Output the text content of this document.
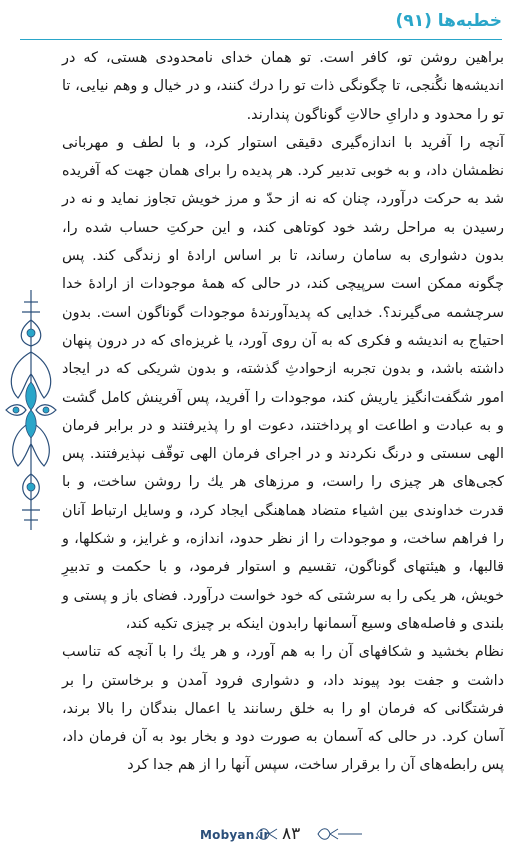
خطبه‌ها (۹۱)

براهین روشن تو، کافر است. تو همان خدای نامحدودی هستی، که در اندیشه‌ها نگُنجی، تا چگونگی ذات تو را درك کنند، و در خیال و وهم نیایی، تا تو را محدود و دارایِ حالاتِ گوناگون پندارند.

آنچه را آفرید با اندازه‌گیری دقیقی استوار کرد، و با لطف و مهربانی نظمشان داد، و به خوبی تدبیر کرد. هر پدیده را برای همان جهت که آفریده شد به حرکت درآورد، چنان که نه از حدّ و مرز خویش تجاوز نماید و نه در رسیدن به مراحل رشد خود کوتاهی کند، و این حرکتِ حساب شده را، بدون دشواری به سامان رساند، تا بر اساس ارادهٔ او زندگی کند. پس چگونه ممکن است سرپیچی کند، در حالی که همهٔ موجودات از ارادهٔ خدا سرچشمه می‌گیرند؟. خدایی که پدیدآورندهٔ موجودات گوناگون است. بدون احتیاج به اندیشه و فکری که به آن روی آورد، یا غریزه‌ای که در درون پنهان داشته باشد، و بدون تجربه ازحوادثِ گذشته، و بدون شریکی که در ایجاد امور شگفت‌انگیز یاریش کند، موجودات را آفرید، پس آفرینش کامل گشت و به عبادت و اطاعت او پرداختند، دعوت او را پذیرفتند و در برابر فرمان الهی سستی و درنگ نکردند و در اجرای فرمان الهی توقّف نپذیرفتند. پس کجی‌های هر چیزی را راست، و مرزهای هر یك را روشن ساخت، و با قدرت خداوندی بین اشیاء متضاد هماهنگی ایجاد کرد، و وسایل ارتباط آنان را فراهم ساخت، و موجودات را از نظر حدود، اندازه، و غرایز، و شکلها، و قالبها، و هیئتهای گوناگون، تقسیم و استوار فرمود، و با حکمت و تدبیرِ خویش، هر یکی را به سرشتی که خود خواست درآورد. فضای باز و پستی و بلندی و فاصله‌های وسیع آسمانها رابدون اینکه بر چیزی تکیه کند،

نظام بخشید و شکافهای آن را به هم آورد، و هر یك را با آنچه که تناسب داشت و جفت بود پیوند داد، و دشواری فرود آمدن و برخاستن را بر فرشتگانی که فرمان او را به خلق رسانند یا اعمال بندگان را بالا برند، آسان کرد. در حالی که آسمان به صورت دود و بخار بود به آن فرمان داد، پس رابطه‌های آن را برقرار ساخت، سپس آنها را از هم جدا کرد

Mobyan.ir ۸۳
